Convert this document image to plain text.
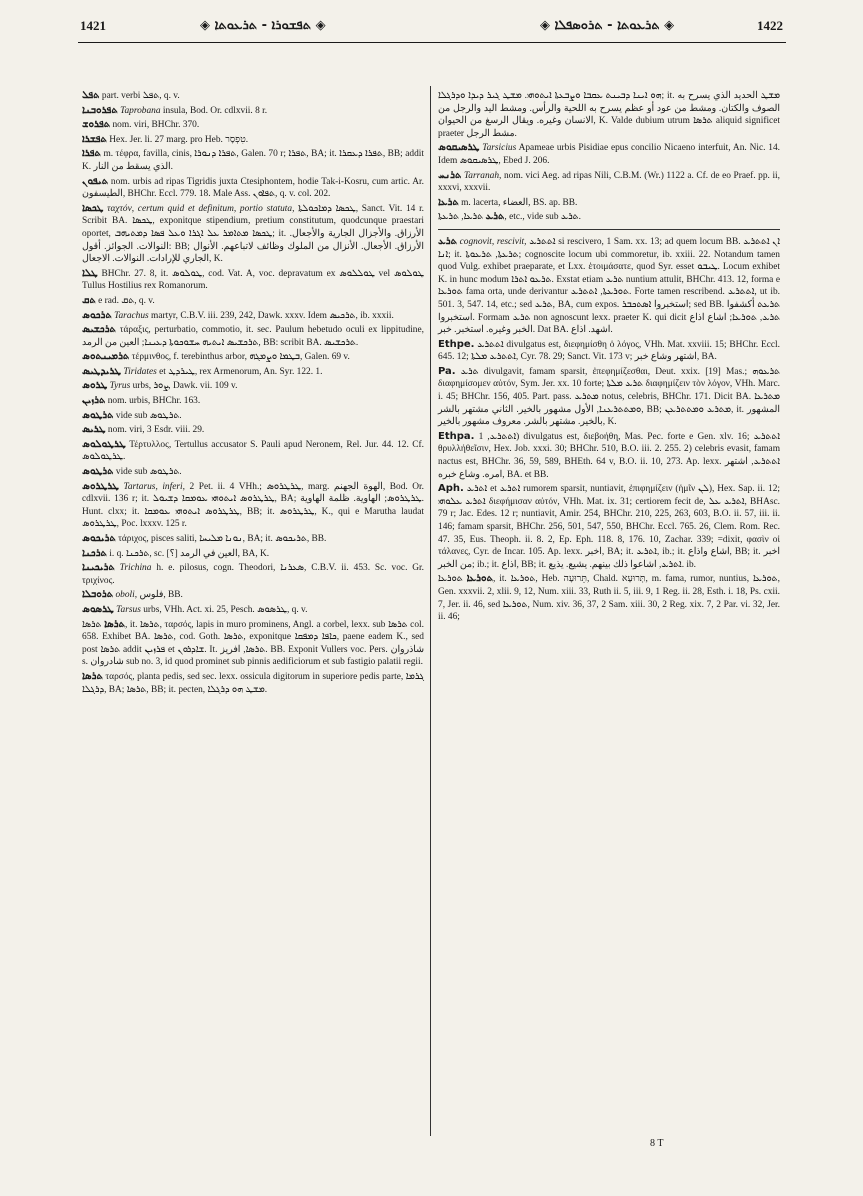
1421	◈ ܬܦܫܘܪܐ - ܬܪܥܘܬܐ ◈	◈ ܬܪܥܘܬܐ - ܬܪܘܣܦܠܐ ◈	1422

ܬܦܠ part. verbi ܬܦܠ, q. v.

ܬܦܪܘܒܢܐ Taprobana insula, Bod. Or. cdlxvii. 8 r.

ܬܦܪܘܫ nom. viri, BHChr. 370.

ܬܦܫܪܐ Hex. Jer. li. 27 marg. pro Heb. טִפְסָר.

ܬܦܪܐ m. τέφρα, favilla, cinis, ܬܦܪܐ ܕܢܘܪܐ, Galen. 70 r; ܬܦܪܐ, BA; it. ܬܦܪܐ ܕܥܩܪܐ, BB; addit K. الذي يسقط من النار.

ܬܝܦܘܢ nom. urbis ad ripas Tigridis juxta Ctesiphontem, hodie Tak-i-Kosru, cum artic. Ar. الطيسفون, BHChr. Eccl. 779. 18. Male Ass. ܬܦܐܘܢ, q. v. col. 202.

ܛܟܣܐ ταχτόν, certum quid et definitum, portio statuta, ܛܟܣܐ ܕܡܐܟܘܠܬܐ, Sanct. Vit. 14 r. Scribit BA. ܛܟܣܐ, exponitque stipendium, pretium constitutum, quodcunque praestari oportet, ܛܟܣܐ ܡܬܐܡܪ ܥܠ ܐܓܪܐ ܘܥܠ ܦܣܐ ܕܡܬܝܗܒ; it. الأرزاق. والأجزال الجارية والأجعال. النوالات. الجوائز. أقول: BB; الأرزاق. الأجعال. الأنزال من الملوك وظائف لاتباعهم. الأنوال الجاري للإرادات. النوالات. الاجعال, K.

ܛܠܐ BHChr. 27. 8, it. ܛܘܠܘܣ, cod. Vat. A, voc. depravatum ex ܛܘܠܠܘܣ vel ܛܘܠܘܣ Tullus Hostilius rex Romanorum.

ܬܩ e rad. ܬܩ, q. v.

ܬܪܟܘܣ Tarachus martyr, C.B.V. iii. 239, 242, Dawk. xxxv. Idem ܬܪܟܝܣ, ib. xxxii.

ܬܪܟܫܝܣ τάραξις, perturbatio, commotio, it. sec. Paulum hebetudo oculi ex lippitudine, ܬܪܟܫܝܣ ܐܝܬܝܗ ܚܫܘܟܘܬܐ ܕܥܝܢܐ; العين من الرمد, BB: scribit BA. ܬܪܟܫܝܣ.

ܬܪܡܝܢܬܘܣ τέρμινθος, f. terebinthus arbor, ܒܛܡܐ ܘܨܡܓܗ, Galen. 69 v.

ܛܪܝܕܛܝܣ Tiridates et ܛܝܪܕܛ, rex Armenorum, An. Syr. 122. 1.

ܛܪܘܣ Tyrus urbs, ܨܘܪ, Dawk. vii. 109 v.

ܬܪܙܝܢ nom. urbis, BHChr. 163.

ܬܪܛܘܣ vide sub ܬܪܛܘܣ.

ܛܪܝܣ nom. viri, 3 Esdr. viii. 29.

ܛܪܛܘܠܘܣ Τέρτυλλος, Tertullus accusator S. Pauli apud Neronem, Rel. Jur. 44. 12. Cf. ܛܪܛܘܠܘܣ.

ܬܪܛܘܣ vide sub ܬܪܛܘܣ.

ܛܪܛܪܘܣ Tartarus, inferi, 2 Pet. ii. 4 VHh.; ܛܪܛܪܘܣ, marg. الهوة الجهنم, Bod. Or. cdlxvii. 136 r; it. ܛܪܛܪܘܣ ܐܝܬܘܗܝ ܥܘܡܩܐ ܕܫܝܘܠ, BA; ܛܪܛܪܘܣ; الهاوية. ظلمة الهاوية. Hunt. clxx; it. ܛܪܛܪܘܣ ܐܝܬܘܗܝ ܥܘܡܩܐ, BB; it. ܛܪܛܪܘܣ, K., qui e Marutha laudat ܛܪܛܪܘܣ, Poc. lxxxv. 125 r.

ܬܪܝܟܘܣ τάριχος, pisces saliti, ܢܘܢܐ ܡܠܝܚܐ, BA; it. ܬܪܝܟܘܣ, BB.

ܬܪܟܢܐ i. q. ܬܪܟܢܐ, sc. [؟] العين في الرمد, BA, K.

ܬܪܝܟܝܢܐ Trichina h. e. pilosus, cogn. Theodori, ܣܥܪܢܐ, C.B.V. ii. 453. Sc. voc. Gr. τριχίνος.

ܬܪܘܒܠܐ oboli, فلوس, BB.

ܛܪܣܘܣ Tarsus urbs, VHh. Act. xi. 25, Pesch. ܛܪܣܘܣ, q. v.

ܬܪܣܐ ܬܪܣܐ, it. ܬܪܣܐ, ταρσός, lapis in muro prominens, Angl. a corbel, lexx. sub ܬܪܣܐ col. 658. Exhibet BA. ܬܪܣܐ, cod. Goth. ܬܪܣܐ, exponitque ܟܐܦܐ ܕܡܦܩܐ, paene eadem K., sed post ܬܪܣܐ addit ܦܪܙܝܢ et ܫܐܕܪܘܢ. It. ܬܪܣܐ, افريز. BB. Exponit Vullers voc. Pers. شاذروان s. شادروان sub no. 3, id quod prominet sub pinnis aedificiorum et sub fastigio palatii regii.

ܬܪܣܐ ταρσός, planta pedis, sed sec. lexx. ossicula digitorum in superiore pedis parte, ܓܪܡܐ ܕܪܓܠܐ, BA; ܬܪܣܐ, BB; it. pecten, ܡܫܛ ܗܘ ܕܪܓܠܐ.

ܗܘ ܐܝܢܐ ܕܒܝܢܬ ܥܩܒܐ ܘܨܒܥܬܐ ܐܝܬܘܗܝ. ܡܫܛ ܓܝܪ ܕܝܕܐ ܘܕܪܓܠܐ; it. ܡܫܛ الحديد الذي يسرح به الصوف والكتان. ومشط من عود أو عظم يسرح به اللحية والرأس. ومشط اليد والرجل من الانسان وغيره. ويقال الرسغ من الحيوان, K. Valde dubium utrum ܬܪܣܐ aliquid significet praeter مشط الرجل.

ܛܪܣܝܩܘܣ Tarsicius Apameae urbis Pisidiae epus concilio Nicaeno interfuit, An. Nic. 14. Idem ܛܪܣܝܩܘܣ, Ebed J. 206.

ܬܪܢܚ Tarranah, nom. vici Aeg. ad ripas Nili, C.B.M. (Wr.) 1122 a. Cf. de eo Praef. pp. ii, xxxvi, xxxvii.

ܬܪܥܐ m. lacerta, العضاء, BS. ap. BB.

ܬܪܥ ܬܪܥܐ, ܬܪܥܬܐ, etc., vide sub ܬܪܥ.

ܬܪܥ cognovit, rescivit, ܐܬܬܪܥ si rescivero, 1 Sam. xx. 13; ad quem locum BB. ܐܢ ܐܬܬܪܥ ܐܢܐ; it. ܬܪܥܬܐ, ܬܪܥܘܬܐ; cognoscite locum ubi commoretur, ib. xxiii. 22. Notandum tamen quod Vulg. exhibet praeparate, et Lxx. ἑτοιμάσατε, quod Syr. esset ܛܝܒܘ. Locum exhibet K. in hunc modum ܬܪܥܘ ܐܬܪܐ. Exstat etiam ܬܪܥ nuntium attulit, BHChr. 413. 12, forma e ܬܘܪܥܐ fama orta, unde derivantur ܬܘܪܥܬܐ, ܐܬܬܪܥ. Forte tamen rescribend. ܐܬܬܪܥ, ut ib. 501. 3, 547. 14, etc.; sed ܬܪܥ, BA, cum expos. استخبروا ܐܣܬܟܒܪ; sed BB. ܬܪܥܬ أكشفوا استخبروا. Formam ܬܪܥ non agnoscunt lexx. praeter K. qui dicit ܬܪܥ, ܬܘܪܥܐ; اشاع اذاع الخبر وغيره. استخبر. خبر. Dat BA. اشهد. اذاع.

Ethpe. ܐܬܬܪܥ divulgatus est, διεφημίσθη ὁ λόγος, VHh. Mat. xxviii. 15; BHChr. Eccl. 645. 12; ܐܬܬܪܥ ܡܠܬܐ, Cyr. 78. 29; Sanct. Vit. 173 v; اشتهر وشاع خبر, BA.

Pa. ܬܪܥ divulgavit, famam sparsit, ἐπεφημίζεσθαι, Deut. xxix. [19] Mas.; ܬܪܥܘܗ διαφημίσομεν αὐτόν, Sym. Jer. xx. 10 forte; ܬܪܥ ܡܠܬܐ διαφημίζειν τὸν λόγον, VHh. Marc. i. 45; BHChr. 156, 405. Part. pass. ܡܬܪܥ notus, celebris, BHChr. 171. Dicit BA. ܡܬܪܥܐ ܘܡܬܬܪܥܢܐ, الأول مشهور بالخير. الثاني مشتهر بالشر, BB; ܡܬܪܥ ܘܡܬܬܪܥܢ, it. المشهور بالخير. مشتهر بالشر. معروف مشهور بالخير, K.

Ethpa. ܐܬܬܪܥ, 1) divulgatus est, διεβοήθη, Mas. Pec. forte e Gen. xlv. 16; ܐܬܬܪܥ θρυλλήθεῖσιν, Hex. Job. xxxi. 30; BHChr. 510, B.O. iii. 2. 255. 2) celebris evasit, famam nactus est, BHChr. 36, 59, 589, BHEth. 64 v, B.O. ii. 10, 273. Ap. lexx. ܐܬܬܪܥ, اشتهر امره. وشاع خبره, BA. et BB.

Aph. ܐܬܪܥ et ܐܬܪܥ rumorem sparsit, nuntiavit, ἐπιφημίζειν (ἡμῖν ܠܢ), Hex. Sap. ii. 12; ܐܬܪܥ ܥܠܘܗܝ διεφήμισαν αὐτόν, VHh. Mat. ix. 31; certiorem fecit de, ܐܬܪܥ ܥܠ, BHAsc. 79 r; Jac. Edes. 12 r; nuntiavit, Amir. 254, BHChr. 210, 225, 263, 603, B.O. ii. 57, iii. ii. 146; famam sparsit, BHChr. 256, 501, 547, 550, BHChr. Eccl. 765. 26, Clem. Rom. Rec. 47. 35, Eus. Theoph. ii. 8. 2, Ep. Eph. 118. 8, 176. 10, Zachar. 339; =dixit, φασὶν οἱ τάλανες, Cyr. de Incar. 105. Ap. lexx. اخبر, BA; it. ܐܬܪܥ, ib.; it. اشاع واذاع, BB; it. اخبر من الخبر; ib.; it. اذاع, BB; it. ܐܬܪܥ, اشاعوا ذلك بينهم. يشيع. يذيع. ib.

ܬܘܪܥܐ ܬܘܪܥܐ, it. ܬܘܪܥܐ, Heb. תֵּרוּעָה, Chald. תְּרוּעָא, m. fama, rumor, nuntius, ܬܘܪܥܐ, Gen. xxxvii. 2, xlii. 9, 12, Num. xiii. 33, Ruth ii. 5, iii. 9, 1 Reg. ii. 28, Esth. i. 18, Ps. cxii. 7, Jer. ii. 46, sed ܬܘܪܥܐ, Num. xiv. 36, 37, 2 Sam. xiii. 30, 2 Reg. xix. 7, 2 Par. vi. 32, Jer. ii. 46;

8 T
